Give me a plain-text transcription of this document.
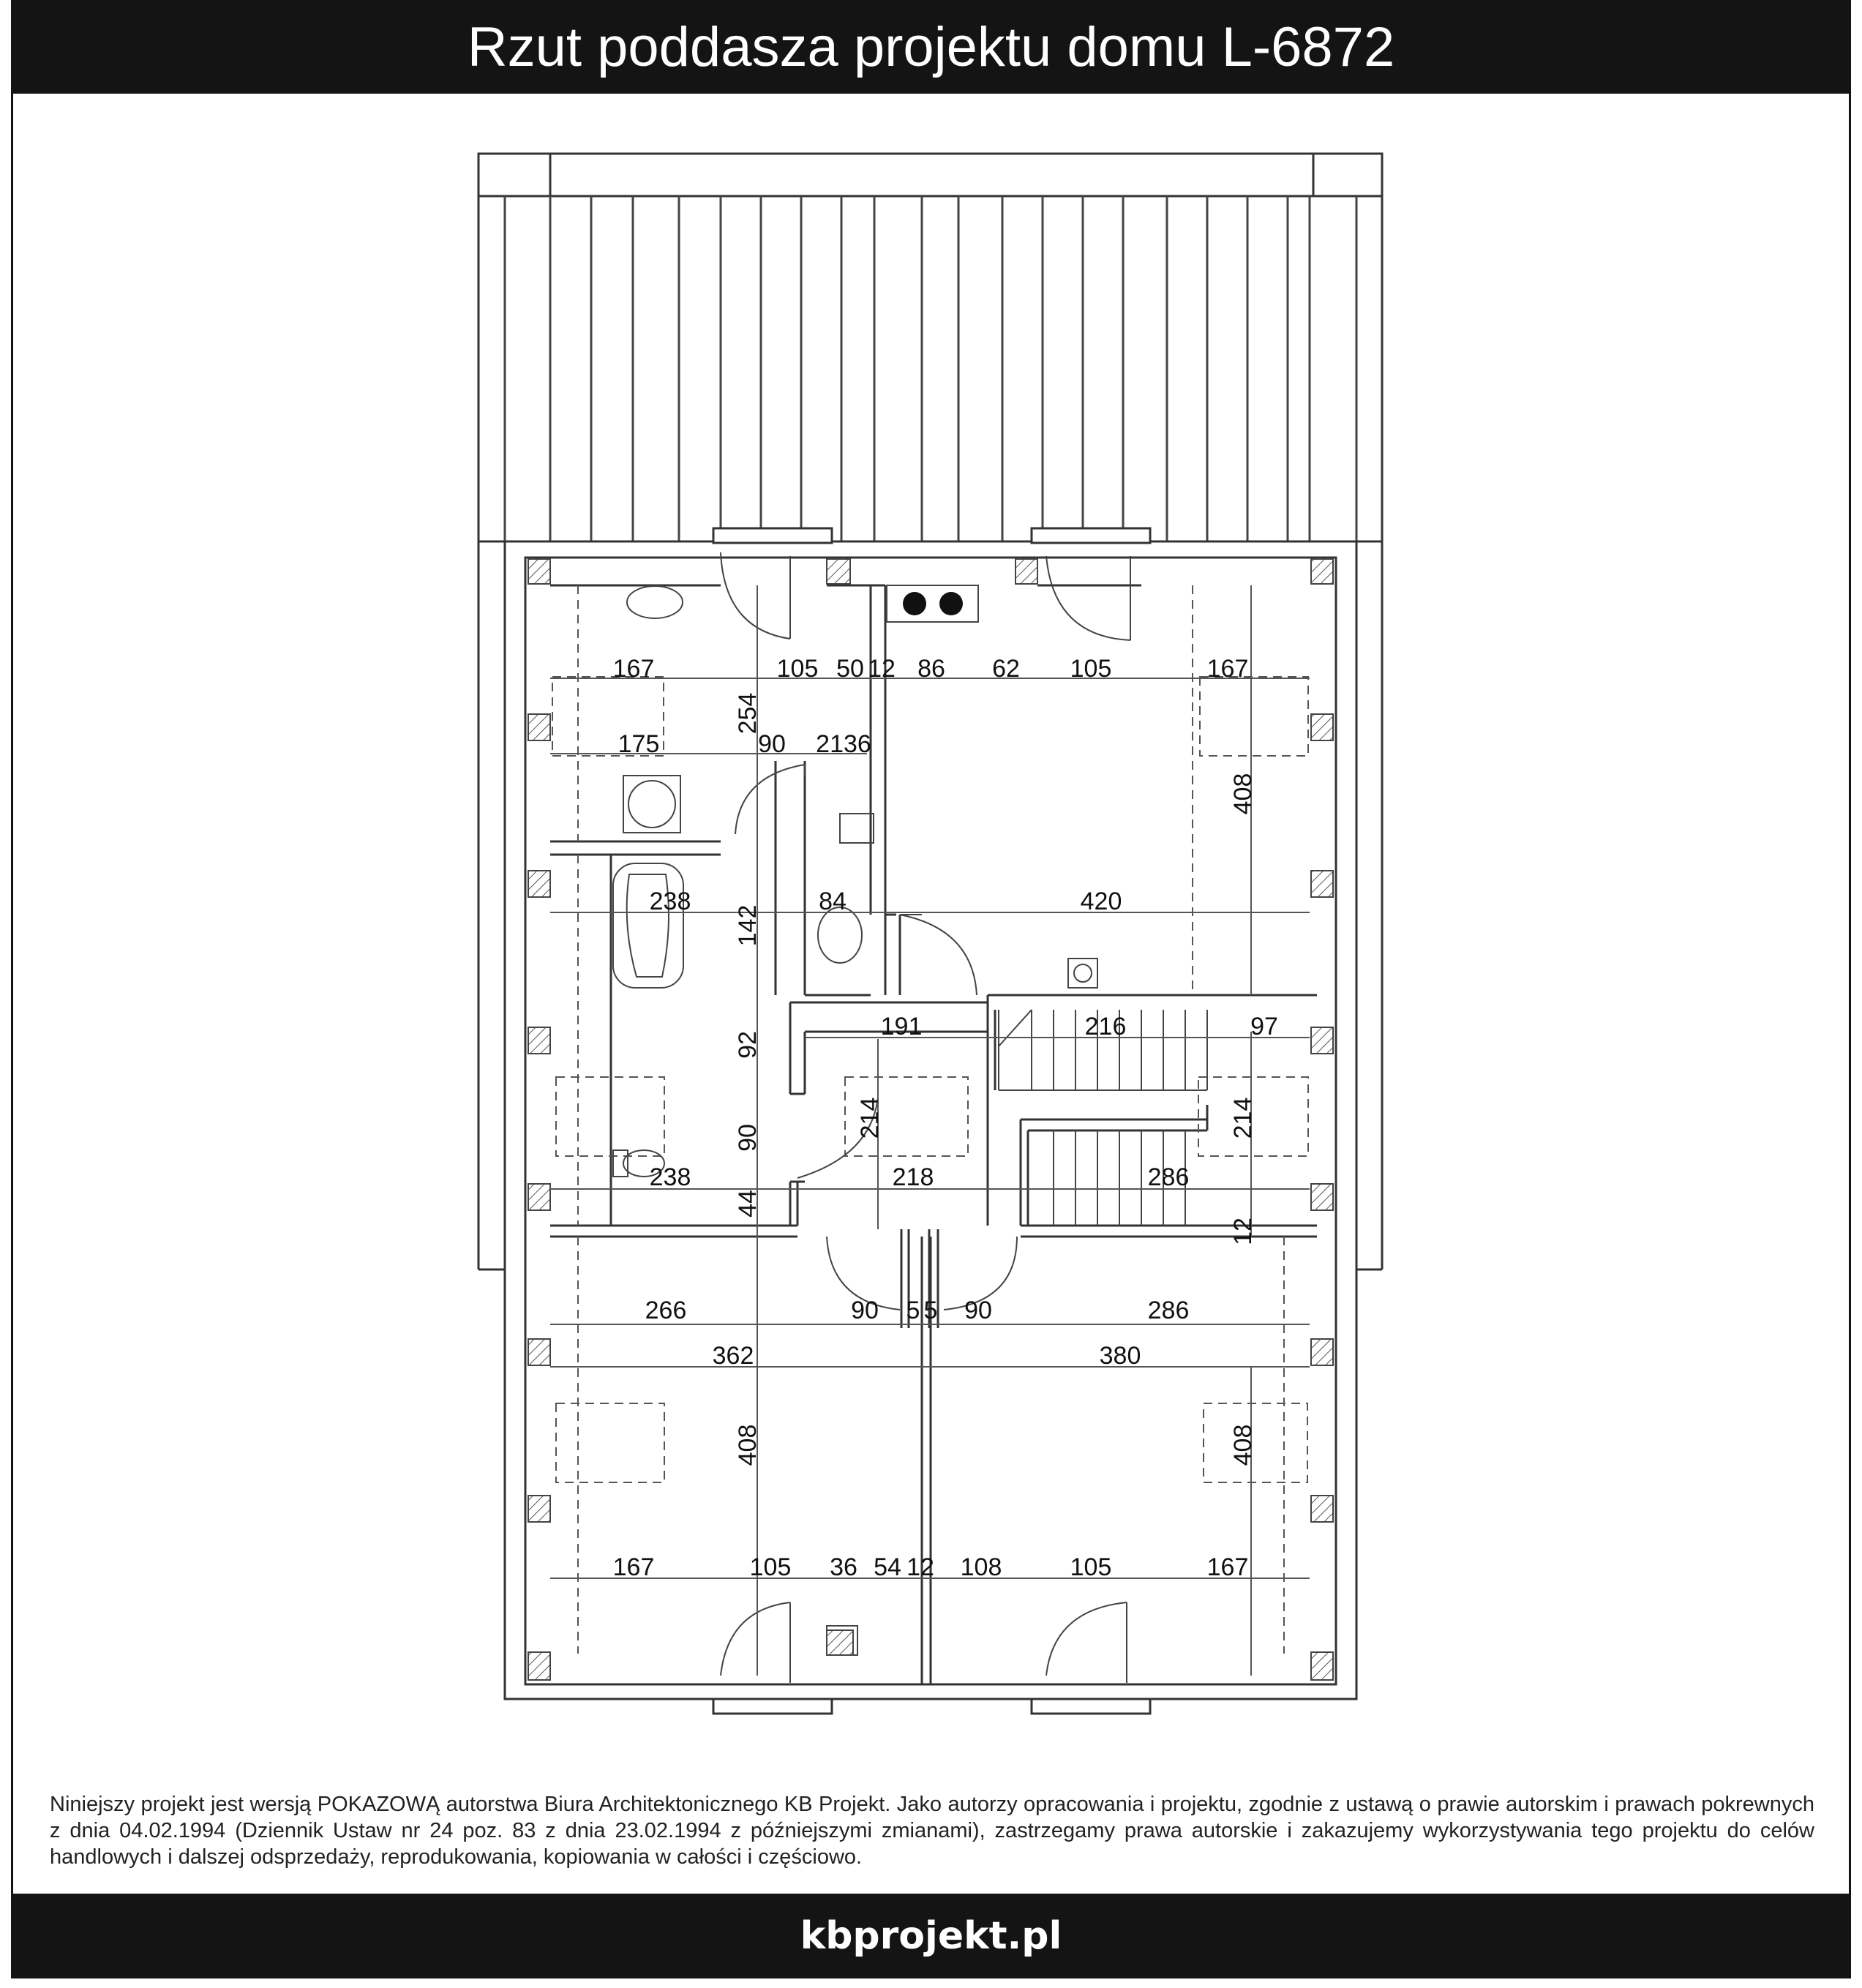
Rzut poddasza projektu domu L-6872
167	105 50 12 86 62 105	167
175	90 2136
254
408
238
142
84	420
191	216	97
92
90	214	214
238	218	286
44
12
266	90 5 5 90	286
362	380
408	408
167	105 36 54 12 108	105	167
Niniejszy projekt jest wersją POKAZOWĄ autorstwa Biura Architektonicznego KB Projekt. Jako autorzy opracowania i projektu, zgodnie z ustawą o prawie autorskim i prawach pokrewnych z dnia 04.02.1994 (Dziennik Ustaw nr 24 poz. 83 z dnia 23.02.1994 z późniejszymi zmianami), zastrzegamy prawa autorskie i zakazujemy wykorzystywania tego projektu do celów handlowych i dalszej odsprzedaży, reprodukowania, kopiowania w całości i częściowo.
kbprojekt.pl
